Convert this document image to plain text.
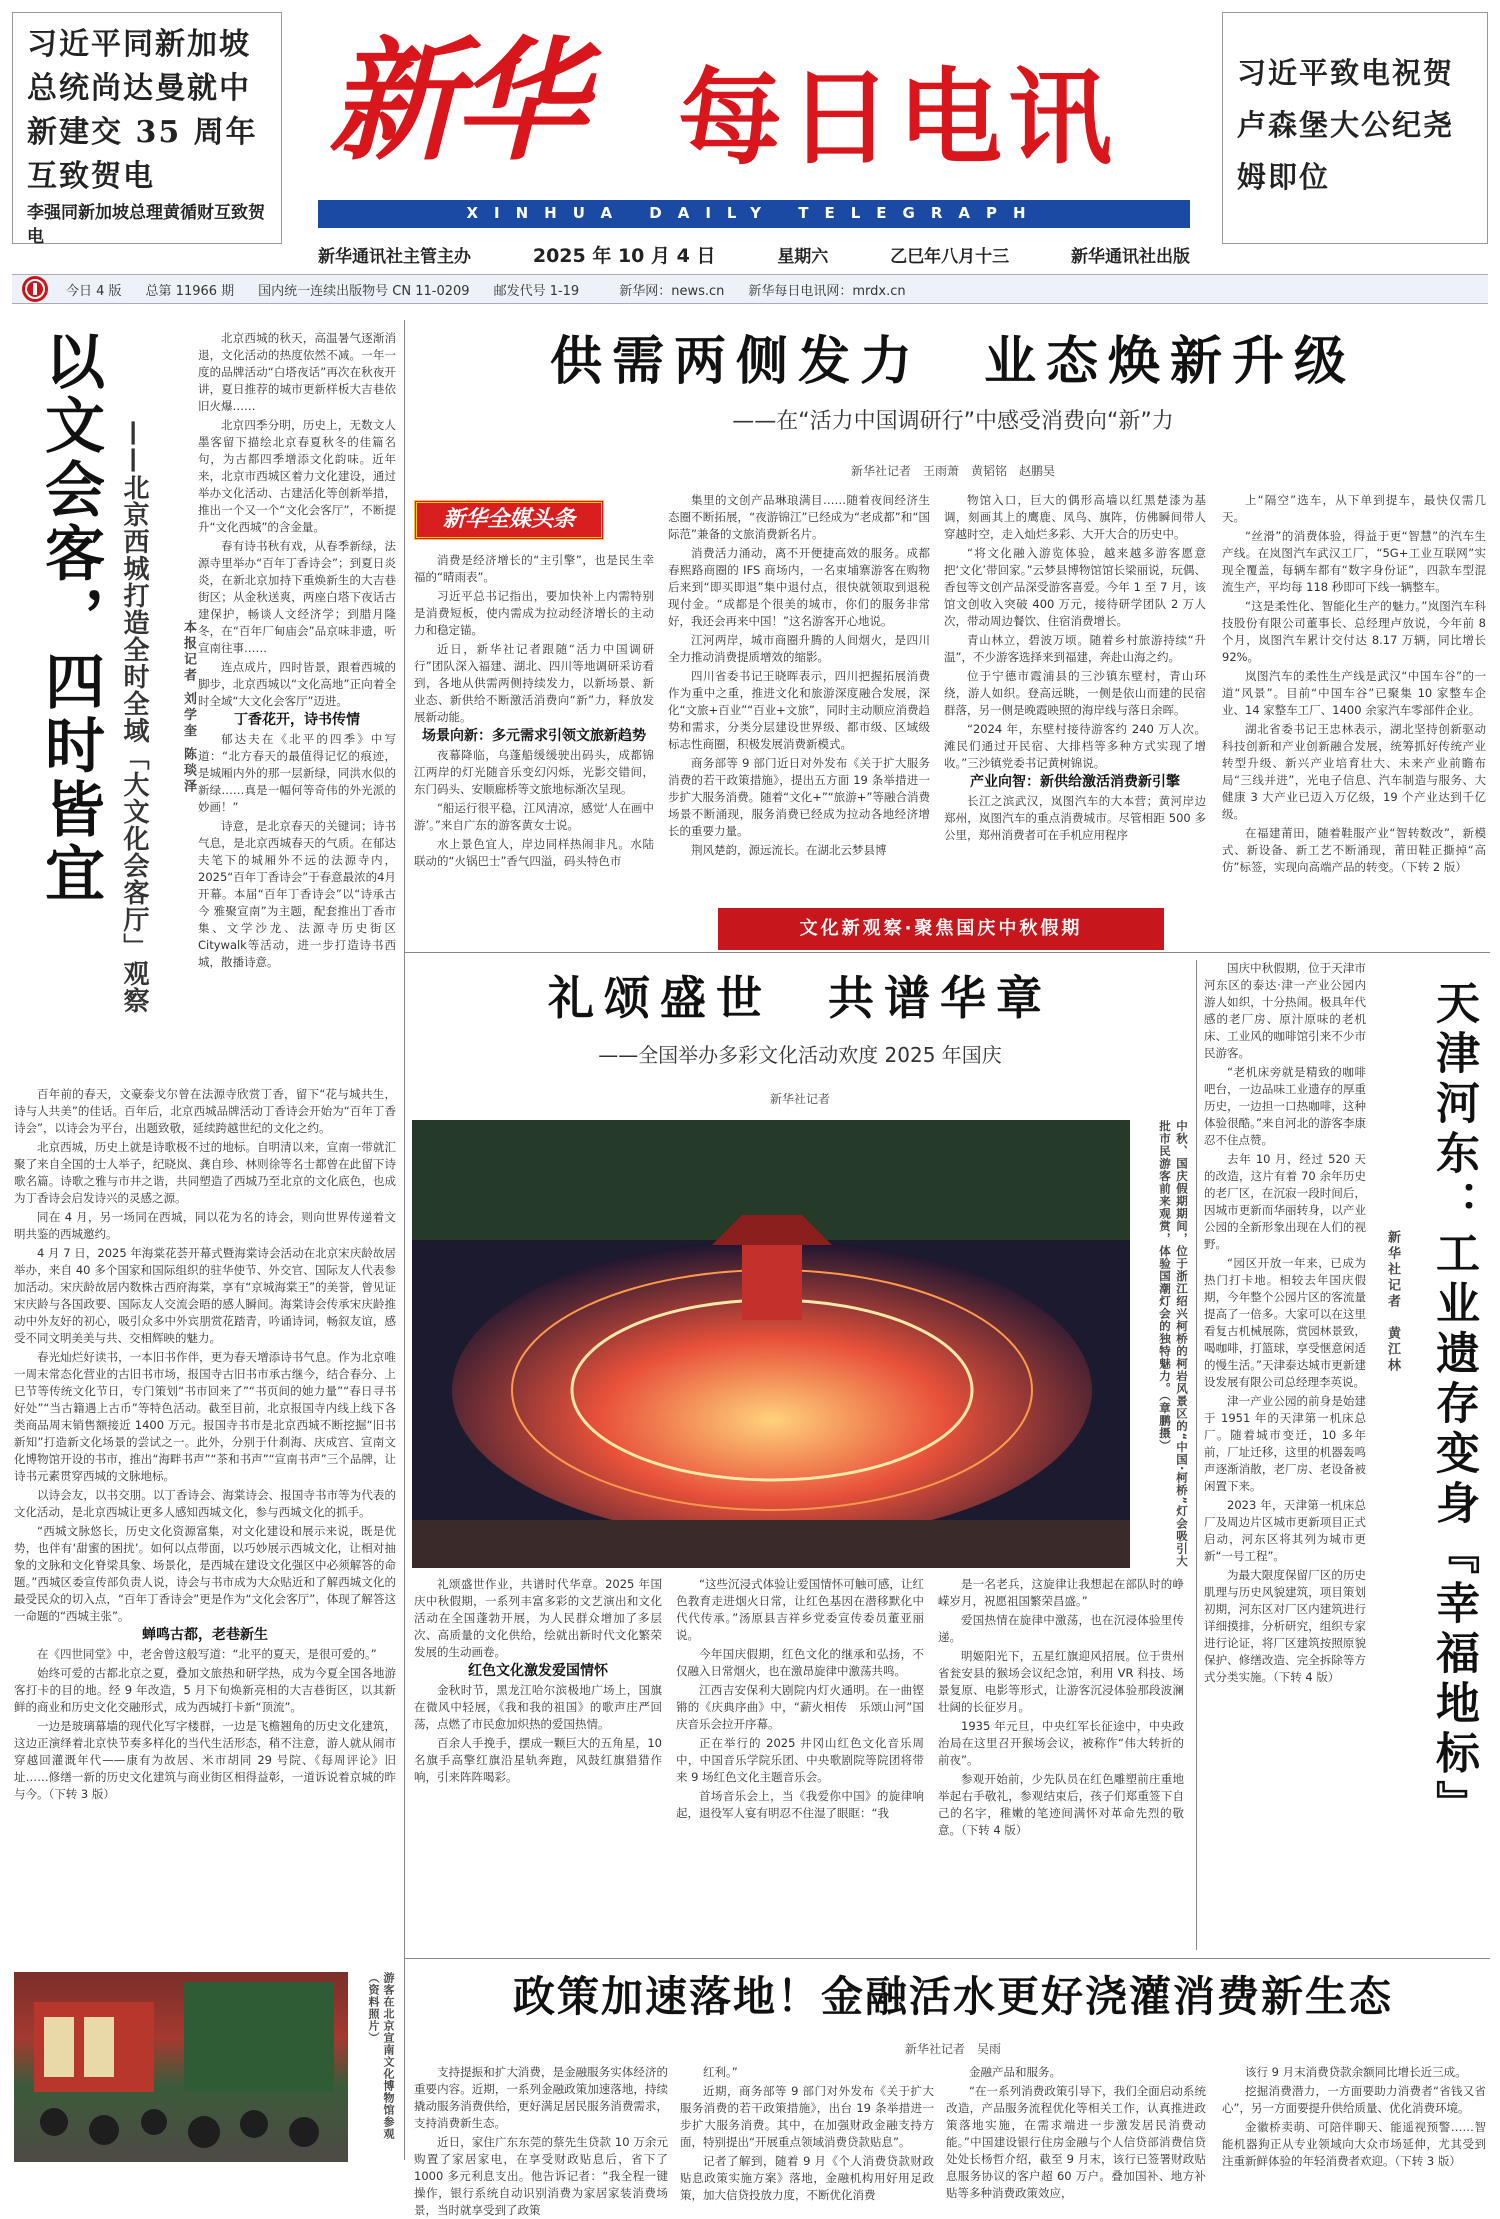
习近平同新加坡总统尚达曼就中新建交 35 周年互致贺电
李强同新加坡总理黄循财互致贺电
习近平致电祝贺卢森堡大公纪尧姆即位
新华 每日电讯
XINHUA DAILY TELEGRAPH
新华通讯社主管主办	2025 年 10 月 4 日	星期六	乙巳年八月十三	新华通讯社出版
今日 4 版 总第 11966 期 国内统一连续出版物号 CN 11-0209 邮发代号 1-19	新华网：news.cn 新华每日电讯网：mrdx.cn
以文会客，四时皆宜 ——北京西城打造全时全域「大文化会客厅」观察	本报记者 刘学奎 陈琰泽

北京西城的秋天，高温暑气逐渐消退，文化活动的热度依然不减。一年一度的品牌活动“白塔夜话”再次在秋夜开讲，夏日推荐的城市更新样板大吉巷依旧火爆……

北京四季分明，历史上，无数文人墨客留下描绘北京春夏秋冬的佳篇名句，为古都四季增添文化韵味。近年来，北京市西城区着力文化建设，通过举办文化活动、古建活化等创新举措，推出一个又一个“文化会客厅”，不断提升“文化西城”的含金量。

春有诗书秋有戏，从春季新绿，法源寺里举办“百年丁香诗会”；到夏日炎炎，在新北京加持下重焕新生的大吉巷街区；从金秋送爽，两座白塔下夜话古建保护，畅谈人文经济学；到腊月隆冬，在“百年厂甸庙会”品京味非遗，听宣南往事……

连点成片，四时皆景，跟着西城的脚步，北京西城以“文化高地”正向着全时全域“大文化会客厅”迈进。

丁香花开，诗书传情

郁达夫在《北平的四季》中写道：“北方春天的最值得记忆的痕迹，是城厢内外的那一层新绿，同洪水似的新绿……真是一幅何等奇伟的外光派的妙画！”

诗意，是北京春天的关键词；诗书气息，是北京西城春天的气质。在郁达夫笔下的城厢外不远的法源寺内，2025“百年丁香诗会”于春意最浓的4月开幕。本届“百年丁香诗会”以“诗承古今 雅聚宣南”为主题，配套推出丁香市集、文学沙龙、法源寺历史街区Citywalk等活动，进一步打造诗书西城，散播诗意。

百年前的春天，文豪泰戈尔曾在法源寺欣赏丁香，留下“花与城共生，诗与人共美”的佳话。百年后，北京西城品牌活动丁香诗会开始为“百年丁香诗会”，以诗会为平台，出题致敬，延续跨越世纪的文化之约。

北京西城，历史上就是诗歌极不过的地标。自明清以来，宣南一带就汇聚了来自全国的士人举子，纪晓岚、龚自珍、林则徐等名士都曾在此留下诗歌名篇。诗歌之雅与市井之谐，共同塑造了西城乃至北京的文化底色，也成为丁香诗会启发诗兴的灵感之源。

同在 4 月，另一场同在西城，同以花为名的诗会，则向世界传递着文明共鉴的西城邀约。

4 月 7 日，2025 年海棠花荟开幕式暨海棠诗会活动在北京宋庆龄故居举办，来自 40 多个国家和国际组织的驻华使节、外交官、国际友人代表参加活动。宋庆龄故居内数株古西府海棠，享有“京城海棠王”的美誉，曾见证宋庆龄与各国政要、国际友人交流会晤的感人瞬间。海棠诗会传承宋庆龄推动中外友好的初心，吸引众多中外宾朋赏花踏青，吟诵诗词，畅叙友谊，感受不同文明美美与共、交相辉映的魅力。

春光灿烂好读书，一本旧书作伴，更为春天增添诗书气息。作为北京唯一周末常态化营业的古旧书市场，报国寺古旧书市承古继今，结合春分、上巳节等传统文化节日，专门策划“书市回来了”“书页间的她力量”“春日寻书好处”“当古籍遇上古币”等特色活动。截至目前，北京报国寺内线上线下各类商品周末销售额接近 1400 万元。报国寺书市是北京西城不断挖掘“旧书新知”打造新文化场景的尝试之一。此外，分别于什刹海、庆成宫、宣南文化博物馆开设的书市，推出“海畔书声”“茶和书声”“宣南书声”三个品牌，让诗书元素贯穿西城的文脉地标。

以诗会友，以书交朋。以丁香诗会、海棠诗会、报国寺书市等为代表的文化活动，是北京西城让更多人感知西城文化，参与西城文化的抓手。

“西城文脉悠长，历史文化资源富集，对文化建设和展示来说，既是优势，也伴有‘甜蜜的困扰’。如何以点带面，以巧妙展示西城文化，让相对抽象的文脉和文化脊梁具象、场景化，是西城在建设文化强区中必须解答的命题。”西城区委宣传部负责人说，诗会与书市成为大众贴近和了解西城文化的最受民众的切入点，“百年丁香诗会”更是作为“文化会客厅”，体现了解答这一命题的“西城主张”。

蝉鸣古都，老巷新生

在《四世同堂》中，老舍曾这般写道：“北平的夏天，是很可爱的。”

始终可爱的古都北京之夏，叠加文旅热和研学热，成为今夏全国各地游客打卡的目的地。经 9 年改造，5 月下旬焕新亮相的大吉巷街区，以其新鲜的商业和历史文化交融形式，成为西城打卡新“顶流”。

一边是玻璃幕墙的现代化写字楼群，一边是飞檐翘角的历史文化建筑，这边正演绎着北京快节奏多样化的当代生活形态，稍不注意，游人就从闹市穿越回灌溉年代——康有为故居、米市胡同 29 号院、《每周评论》旧址……修缮一新的历史文化建筑与商业街区相得益彰，一道诉说着京城的昨与今。（下转 3 版）

游客在北京宣南文化博物馆参观（资料照片）
供需两侧发力　业态焕新升级
——在“活力中国调研行”中感受消费向“新”力
新华社记者　王雨萧　黄韬铭　赵鹏昊
新华全媒头条

消费是经济增长的“主引擎”，也是民生幸福的“晴雨表”。

习近平总书记指出，要加快补上内需特别是消费短板，使内需成为拉动经济增长的主动力和稳定锚。

近日，新华社记者跟随“活力中国调研行”团队深入福建、湖北、四川等地调研采访看到，各地从供需两侧持续发力，以新场景、新业态、新供给不断激活消费向“新”力，释放发展新动能。

场景向新：多元需求引领文旅新趋势

夜幕降临，乌蓬船缓缓驶出码头，成都锦江两岸的灯光随音乐变幻闪烁，光影交错间，东门码头、安顺廊桥等文旅地标渐次呈现。

“船运行很平稳，江风清凉，感觉‘人在画中游’。”来自广东的游客黄女士说。

水上景色宜人，岸边同样热闹非凡。水陆联动的“火锅巴士”香气四溢，码头特色市

集里的文创产品琳琅满目……随着夜间经济生态圈不断拓展，“夜游锦江”已经成为“老成都”和“国际范”兼备的文旅消费新名片。

消费活力涌动，离不开便捷高效的服务。成都春熙路商圈的 IFS 商场内，一名束埔寨游客在购物后来到“即买即退”集中退付点，很快就领取到退税现付金。“成都是个很美的城市，你们的服务非常好，我还会再来中国！”这名游客开心地说。

江河两岸，城市商圈升腾的人间烟火，是四川全力推动消费提质增效的缩影。

四川省委书记王晓晖表示，四川把握拓展消费作为重中之重，推进文化和旅游深度融合发展，深化“文旅+百业”“百业+文旅”，同时主动顺应消费趋势和需求，分类分层建设世界级、都市级、区域级标志性商圈，积极发展消费新模式。

商务部等 9 部门近日对外发布《关于扩大服务消费的若干政策措施》，提出五方面 19 条举措进一步扩大服务消费。随着“文化+”“旅游+”等融合消费场景不断涌现，服务消费已经成为拉动各地经济增长的重要力量。

荆风楚韵，源远流长。在湖北云梦县博

物馆入口，巨大的偶形高墙以红黑楚漆为基调，刻画其上的鹰鹿、凤鸟、旗阵，仿佛瞬间带人穿越时空，走入灿烂多彩、大开大合的历史中。

“将文化融入游览体验，越来越多游客愿意把‘文化’带回家。”云梦县博物馆馆长梁丽说，玩偶、香包等文创产品深受游客喜爱。今年 1 至 7 月，该馆文创收入突破 400 万元，接待研学团队 2 万人次，带动周边餐饮、住宿消费增长。

青山林立，碧波万顷。随着乡村旅游持续“升温”，不少游客选择来到福建，奔赴山海之约。

位于宁德市霞浦县的三沙镇东壁村，青山环绕，游人如织。登高远眺，一侧是依山而建的民宿群落，另一侧是晚霞映照的海岸线与落日余晖。

“2024 年，东壁村接待游客约 240 万人次。滩民们通过开民宿、大排档等多种方式实现了增收。”三沙镇党委书记黄树锦说。

产业向智：新供给激活消费新引擎

长江之滨武汉，岚图汽车的大本营；黄河岸边郑州，岚图汽车的重点消费城市。尽管相距 500 多公里，郑州消费者可在手机应用程序

上“隔空”选车，从下单到提车，最快仅需几天。

“丝滑”的消费体验，得益于更“智慧”的汽车生产线。在岚图汽车武汉工厂，“5G+工业互联网”实现全覆盖，每辆车都有“数字身份证”，四款车型混流生产，平均每 118 秒即可下线一辆整车。

“这是柔性化、智能化生产的魅力。”岚图汽车科技股份有限公司董事长、总经理卢放说，今年前 8 个月，岚图汽车累计交付达 8.17 万辆，同比增长 92%。

岚图汽车的柔性生产线是武汉“中国车谷”的一道“风景”。目前“中国车谷”已聚集 10 家整车企业、14 家整车工厂、1400 余家汽车零部件企业。

湖北省委书记王忠林表示，湖北坚持创新驱动科技创新和产业创新融合发展，统筹抓好传统产业转型升级、新兴产业培育壮大、未来产业前瞻布局“三线并进”，光电子信息、汽车制造与服务、大健康 3 大产业已迈入万亿级，19 个产业达到千亿级。

在福建莆田，随着鞋服产业“智转数改”，新模式、新设备、新工艺不断涌现，莆田鞋正撕掉“高仿”标签，实现向高端产品的转变。（下转 2 版）

文化新观察·聚焦国庆中秋假期
礼颂盛世　共谱华章
——全国举办多彩文化活动欢度 2025 年国庆
新华社记者
中秋、国庆假期期间，位于浙江绍兴柯桥的柯岩风景区的“中国·柯桥”灯会吸引大批市民游客前来观赏，体验国潮灯会的独特魅力。（章鹏摄）

礼颂盛世作业，共谱时代华章。2025 年国庆中秋假期，一系列丰富多彩的文艺演出和文化活动在全国蓬勃开展，为人民群众增加了多层次、高质量的文化供给，绘就出新时代文化繁荣发展的生动画卷。

红色文化激发爱国情怀

金秋时节，黑龙江哈尔滨极地广场上，国旗在微风中轻展，《我和我的祖国》的歌声庄严回荡，点燃了市民愈加炽热的爱国热情。

百余人手挽手，摆成一颗巨大的五角星，10 名旗手高擎红旗沿星轨奔跑，风鼓红旗猎猎作响，引来阵阵喝彩。

“这些沉浸式体验让爱国情怀可触可感，让红色教育走进烟火日常，让红色基因在潜移默化中代代传承。”汤原县吉祥乡党委宣传委员董亚丽说。

今年国庆假期，红色文化的继承和弘扬，不仅融入日常烟火，也在激昂旋律中激荡共鸣。

江西吉安保利大剧院内灯火通明。在一曲铿锵的《庆典序曲》中，“薪火相传　乐颂山河”国庆音乐会拉开序幕。

正在举行的 2025 井冈山红色文化音乐周中，中国音乐学院乐团、中央歌剧院等院团将带来 9 场红色文化主题音乐会。

首场音乐会上，当《我爱你中国》的旋律响起，退役军人宴有明忍不住湿了眼眶：“我

是一名老兵，这旋律让我想起在部队时的峥嵘岁月，祝愿祖国繁荣昌盛。”

爱国热情在旋律中激荡，也在沉浸体验里传递。

明姬阳光下，五星红旗迎风招展。位于贵州省瓮安县的猴场会议纪念馆，利用 VR 科技、场景复原、电影等形式，让游客沉浸体验那段波澜壮阔的长征岁月。

1935 年元旦，中央红军长征途中，中央政治局在这里召开猴场会议，被称作“伟大转折的前夜”。

参观开始前，少先队员在红色雕塑前庄重地举起右手敬礼，参观结束后，孩子们郑重签下自己的名字，稚嫩的笔迹间满怀对革命先烈的敬意。（下转 4 版）

国庆中秋假期，位于天津市河东区的泰达·津一产业公园内游人如织，十分热闹。极具年代感的老厂房、原汁原味的老机床、工业风的咖啡馆引来不少市民游客。

“老机床旁就是精致的咖啡吧台，一边品味工业遗存的厚重历史，一边担一口热咖啡，这种体验很酷。”来自河北的游客李康忍不住点赞。

去年 10 月，经过 520 天的改造，这片有着 70 余年历史的老厂区，在沉寂一段时间后，因城市更新而华丽转身，以产业公园的全新形象出现在人们的视野。

“园区开放一年来，已成为热门打卡地。相较去年国庆假期，今年整个公园片区的客流量提高了一倍多。大家可以在这里看复古机械展陈，赏园林景致，喝咖啡，打篮球，享受惬意闲适的慢生活。”天津泰达城市更新建设发展有限公司总经理李英说。

津一产业公园的前身是始建于 1951 年的天津第一机床总厂。随着城市变迁，10 多年前，厂址迁移，这里的机器轰鸣声逐渐消散，老厂房、老设备被闲置下来。

2023 年，天津第一机床总厂及周边片区城市更新项目正式启动，河东区将其列为城市更新“一号工程”。

为最大限度保留厂区的历史肌理与历史风貌建筑，项目策划初期，河东区对厂区内建筑进行详细摸排，分析研究，组织专家进行论证，将厂区建筑按照原貌保护、修缮改造、完全拆除等方式分类实施。（下转 4 版）

新华社记者　黄江林 天津河东：工业遗存变身『幸福地标』
政策加速落地！金融活水更好浇灌消费新生态
新华社记者　吴雨

支持提振和扩大消费，是金融服务实体经济的重要内容。近期，一系列金融政策加速落地，持续撬动服务消费供给，更好满足居民服务消费需求，支持消费新生态。

近日，家住广东东莞的蔡先生贷款 10 万余元购置了家居家电，在享受财政贴息后，省下了 1000 多元利息支出。他告诉记者：“我全程一键操作，银行系统自动识别消费为家居家装消费场景，当时就享受到了政策

红利。”

近期，商务部等 9 部门对外发布《关于扩大服务消费的若干政策措施》，出台 19 条举措进一步扩大服务消费。其中，在加强财政金融支持方面，特别提出“开展重点领域消费贷款贴息”。

记者了解到，随着 9 月《个人消费贷款财政贴息政策实施方案》落地，金融机构用好用足政策，加大信贷投放力度，不断优化消费

金融产品和服务。

“在一系列消费政策引导下，我们全面启动系统改造，产品服务流程优化等相关工作，认真推进政策落地实施，在需求端进一步激发居民消费动能。”中国建设银行住房金融与个人信贷部消费信贷处处长杨哲介绍，截至 9 月末，该行已签署财政贴息服务协议的客户超 60 万户。叠加国补、地方补贴等多种消费政策效应，

该行 9 月末消费贷款余额同比增长近三成。

挖掘消费潜力，一方面要助力消费者“省钱又省心”，另一方面要提升供给质量、优化消费环境。

金徽桥卖萌、可陪伴聊天、能遥视预警……智能机器狗正从专业领域向大众市场延伸，尤其受到注重新鲜体验的年轻消费者欢迎。（下转 3 版）
